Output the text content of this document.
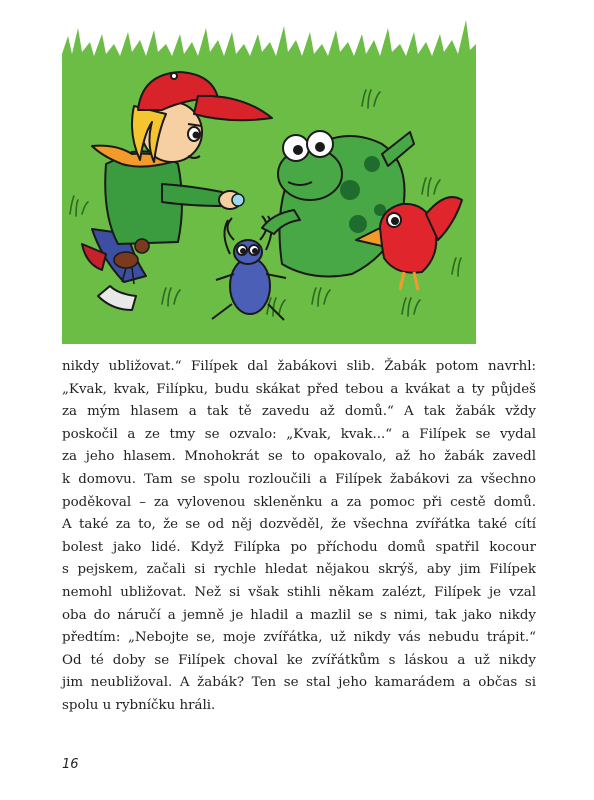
nikdy ubližovat.“ Filípek dal žabákovi slib. Žabák potom navrhl:
„Kvak, kvak, Filípku, budu skákat před tebou a kvákat a ty půjdeš
za mým hlasem a tak tě zavedu až domů.“ A tak žabák vždy
poskočil a ze tmy se ozvalo: „Kvak, kvak...“ a Filípek se vydal
za jeho hlasem. Mnohokrát se to opakovalo, až ho žabák zavedl
k domovu. Tam se spolu rozloučili a Filípek žabákovi za všechno
poděkoval – za vylovenou skleněnku a za pomoc při cestě domů.
A také za to, že se od něj dozvěděl, že všechna zvířátka také cítí
bolest jako lidé. Když Filípka po příchodu domů spatřil kocour
s pejskem, začali si rychle hledat nějakou skrýš, aby jim Filípek
nemohl ubližovat. Než si však stihli někam zalézt, Filípek je vzal
oba do náručí a jemně je hladil a mazlil se s nimi, tak jako nikdy
předtím: „Nebojte se, moje zvířátka, už nikdy vás nebudu trápit.“
Od té doby se Filípek choval ke zvířátkům s láskou a už nikdy
jim neubližoval. A žabák? Ten se stal jeho kamarádem a občas si
spolu u rybníčku hráli.

16
